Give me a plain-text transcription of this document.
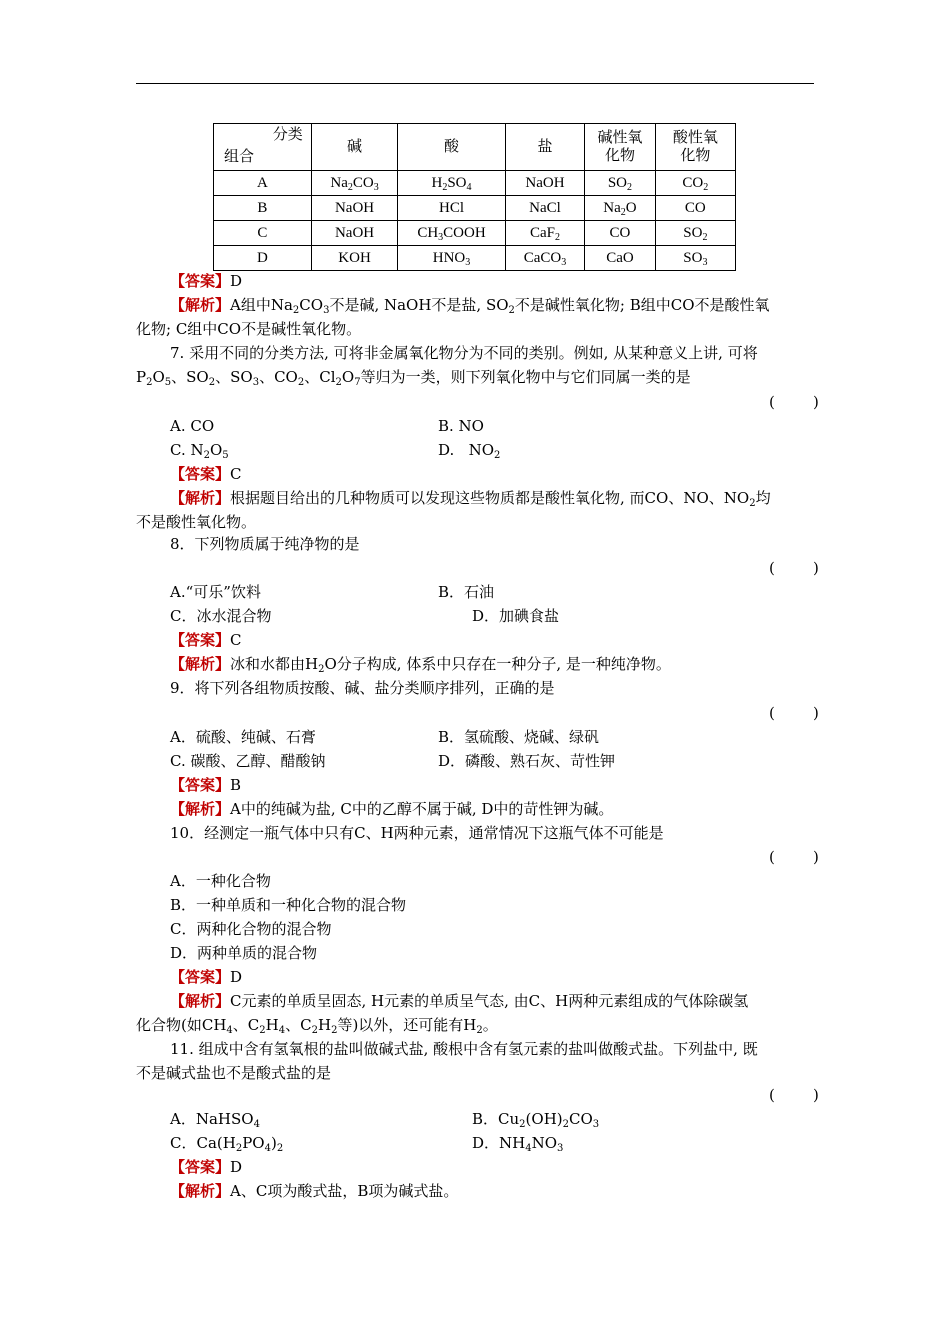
分类
组合	碱	酸	盐	碱性氧
化物	酸性氧
化物
A	$Na_2CO_3$	$H_2SO_4$	NaOH	$SO_2$	$CO_2$
B	NaOH	HCl	NaCl	$Na_2O$	CO
C	NaOH	$CH_3COOH$	CaF$_2$	CO	$SO_2$
D	KOH	$HNO_3$	CaCO$_3$	CaO	$SO_3$
【答案】D
【解析】A组中$Na_2CO_3$不是碱, NaOH不是盐, $SO_2$不是碱性氧化物; B组中CO不是酸性氧
化物; C组中CO不是碱性氧化物。
7. 采用不同的分类方法, 可将非金属氧化物分为不同的类别。例如, 从某种意义上讲, 可将
$P_2O_5$、$SO_2$、$SO_3$、$CO_2$、$Cl_2O_7$等归为一类，则下列氧化物中与它们同属一类的是
(        )
A. CO	B. NO
C. $N_2O_5$	D.   $NO_2$
【答案】C
【解析】根据题目给出的几种物质可以发现这些物质都是酸性氧化物, 而CO、NO、$NO_2$均
不是酸性氧化物。
8．下列物质属于纯净物的是
(        )
A.“可乐”饮料	B．石油
C．冰水混合物	D．加碘食盐
【答案】C
【解析】冰和水都由$H_2O$分子构成, 体系中只存在一种分子, 是一种纯净物。
9．将下列各组物质按酸、碱、盐分类顺序排列，正确的是
(        )
A．硫酸、纯碱、石膏	B．氢硫酸、烧碱、绿矾
C. 碳酸、乙醇、醋酸钠	D．磷酸、熟石灰、苛性钾
【答案】B
【解析】A中的纯碱为盐, C中的乙醇不属于碱, D中的苛性钾为碱。
10．经测定一瓶气体中只有C、H两种元素，通常情况下这瓶气体不可能是
(        )
A．一种化合物
B．一种单质和一种化合物的混合物
C．两种化合物的混合物
D．两种单质的混合物
【答案】D
【解析】C元素的单质呈固态, H元素的单质呈气态, 由C、H两种元素组成的气体除碳氢
化合物(如$CH_4$、$C_2H_4$、$C_2H_2$等)以外，还可能有$H_2$。
11. 组成中含有氢氧根的盐叫做碱式盐, 酸根中含有氢元素的盐叫做酸式盐。下列盐中, 既
不是碱式盐也不是酸式盐的是
(        )
A．NaHSO$_4$	B．$Cu_2(OH)_2CO_3$
C．$Ca(H_2PO_4)_2$	D．$NH_4NO_3$
【答案】D
【解析】A、C项为酸式盐，B项为碱式盐。
